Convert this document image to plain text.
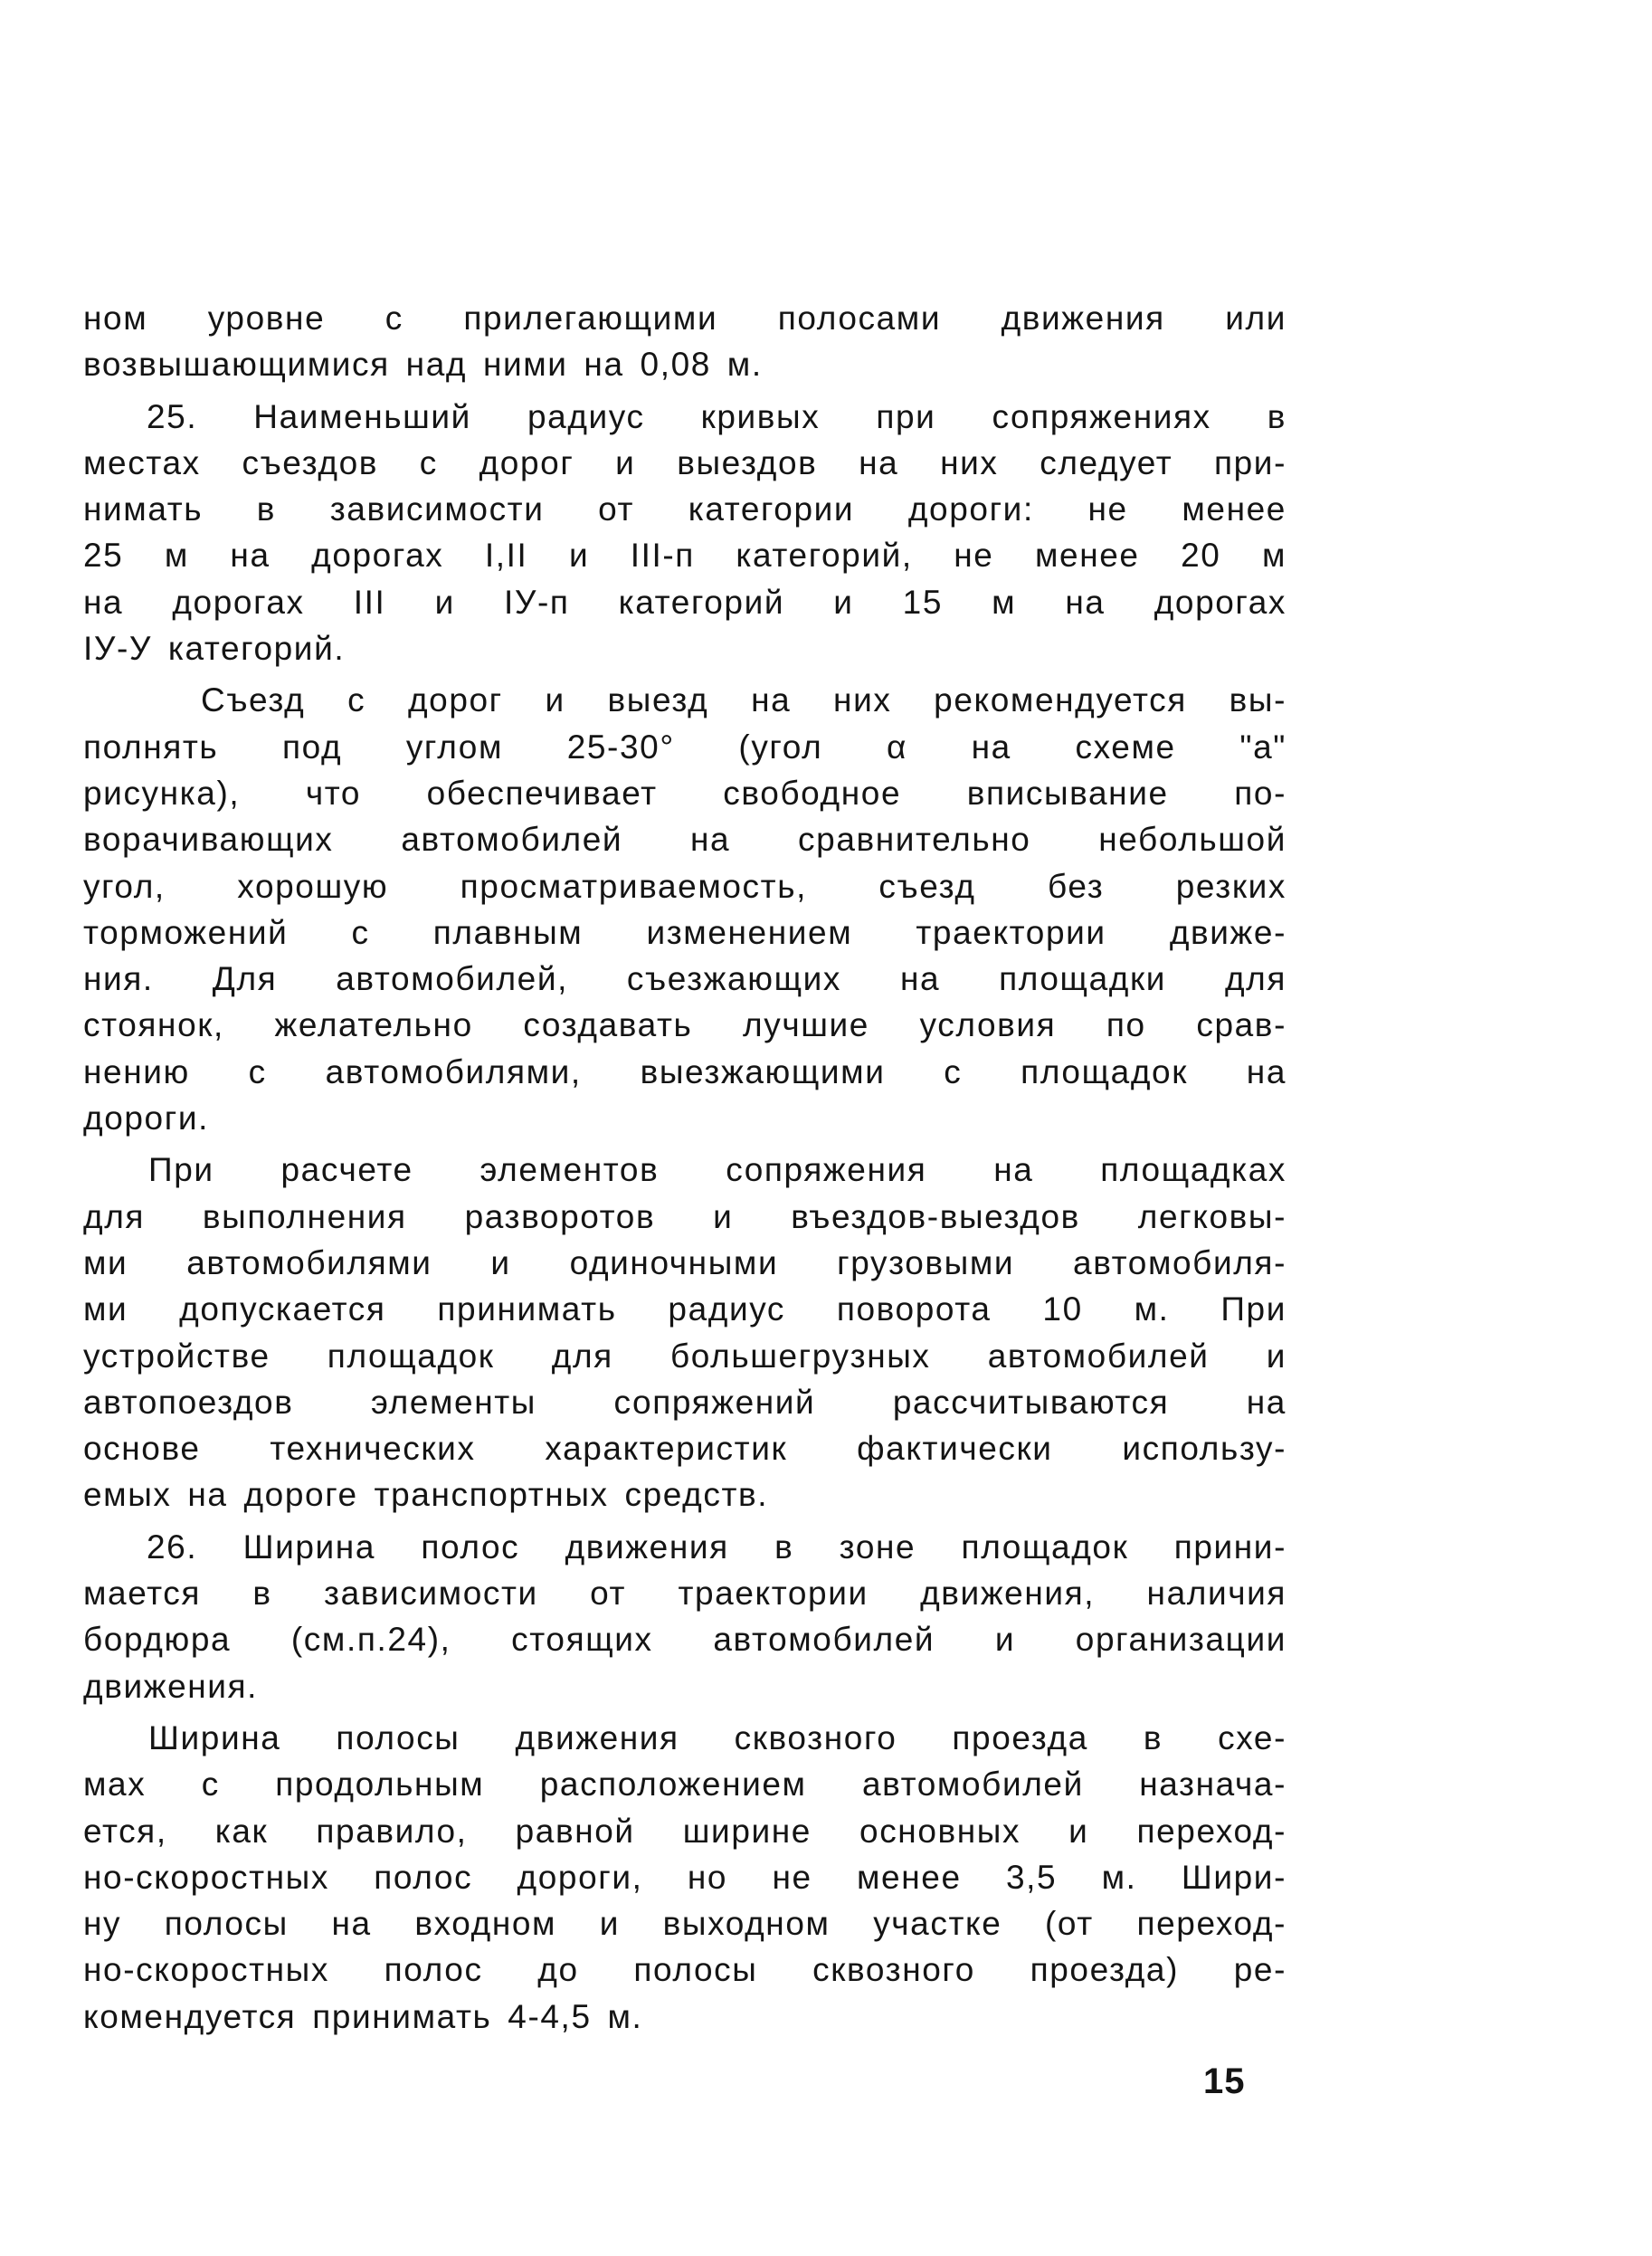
ном уровне с прилегающими полосами движения или
возвышающимися над ними на 0,08 м.
25. Наименьший радиус кривых при сопряжениях в
местах съездов с дорог и выездов на них следует при-
нимать в зависимости от категории дороги: не менее
25 м на дорогах I,II и III-п категорий, не менее 20 м
на дорогах III и IУ-п категорий и 15 м на дорогах
IУ-У категорий.
Съезд с дорог и выезд на них рекомендуется вы-
полнять под углом 25-30° (угол α на схеме "а"
рисунка), что обеспечивает свободное вписывание по-
ворачивающих автомобилей на сравнительно небольшой
угол, хорошую просматриваемость, съезд без резких
торможений с плавным изменением траектории движе-
ния. Для автомобилей, съезжающих на площадки для
стоянок, желательно создавать лучшие условия по срав-
нению с автомобилями, выезжающими с площадок на
дороги.
При расчете элементов сопряжения на площадках
для выполнения разворотов и въездов-выездов легковы-
ми автомобилями и одиночными грузовыми автомобиля-
ми допускается принимать радиус поворота 10 м. При
устройстве площадок для большегрузных автомобилей и
автопоездов элементы сопряжений рассчитываются на
основе технических характеристик фактически использу-
емых на дороге транспортных средств.
26. Ширина полос движения в зоне площадок прини-
мается в зависимости от траектории движения, наличия
бордюра (см.п.24), стоящих автомобилей и организации
движения.
Ширина полосы движения сквозного проезда в схе-
мах с продольным расположением автомобилей назнача-
ется, как правило, равной ширине основных и переход-
но-скоростных полос дороги, но не менее 3,5 м. Шири-
ну полосы на входном и выходном участке (от переход-
но-скоростных полос до полосы сквозного проезда) ре-
комендуется принимать 4-4,5 м.
15
